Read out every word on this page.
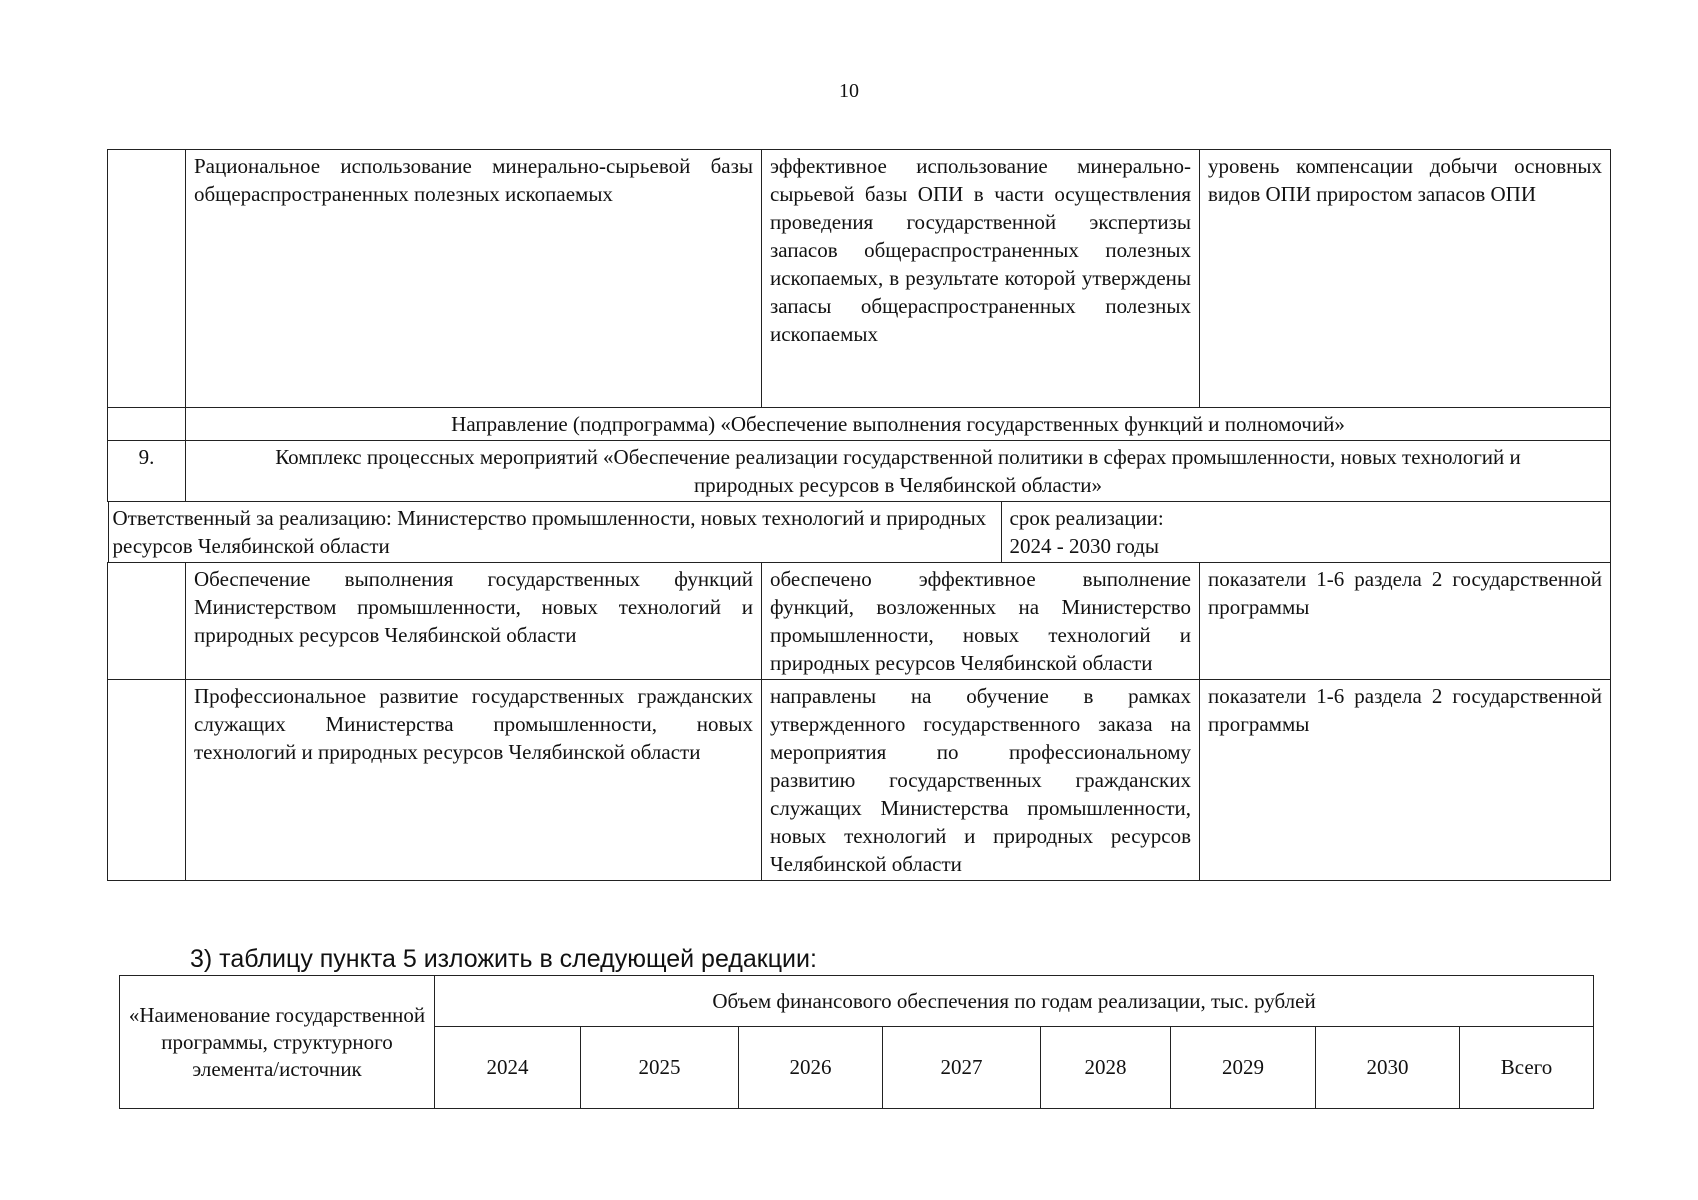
10
	Рациональное использование минерально-сырьевой базы общераспространенных полезных ископаемых	эффективное использование минерально-сырьевой базы ОПИ в части осуществления проведения государственной экспертизы запасов общераспространенных полезных ископаемых, в результате которой утверждены запасы общераспространенных полезных ископаемых	уровень компенсации добычи основных видов ОПИ приростом запасов ОПИ
	Направление (подпрограмма) «Обеспечение выполнения государственных функций и полномочий»
9.	Комплекс процессных мероприятий «Обеспечение реализации государственной политики в сферах промышленности, новых технологий и природных ресурсов в Челябинской области»

Ответственный за реализацию: Министерство промышленности, новых технологий и природных ресурсов Челябинской области	срок реализации: 2024 - 2030 годы

	Обеспечение выполнения государственных функций Министерством промышленности, новых технологий и природных ресурсов Челябинской области	обеспечено эффективное выполнение функций, возложенных на Министерство промышленности, новых технологий и природных ресурсов Челябинской области	показатели 1-6 раздела 2 государственной программы
	Профессиональное развитие государственных гражданских служащих Министерства промышленности, новых технологий и природных ресурсов Челябинской области	направлены на обучение в рамках утвержденного государственного заказа на мероприятия по профессиональному развитию государственных гражданских служащих Министерства промышленности, новых технологий и природных ресурсов Челябинской области	показатели 1-6 раздела 2 государственной программы
3) таблицу пункта 5 изложить в следующей редакции:
«Наименование государственной программы, структурного элемента/источник	Объем финансового обеспечения по годам реализации, тыс. рублей							
	2024	2025	2026	2027	2028	2029	2030	Всего
